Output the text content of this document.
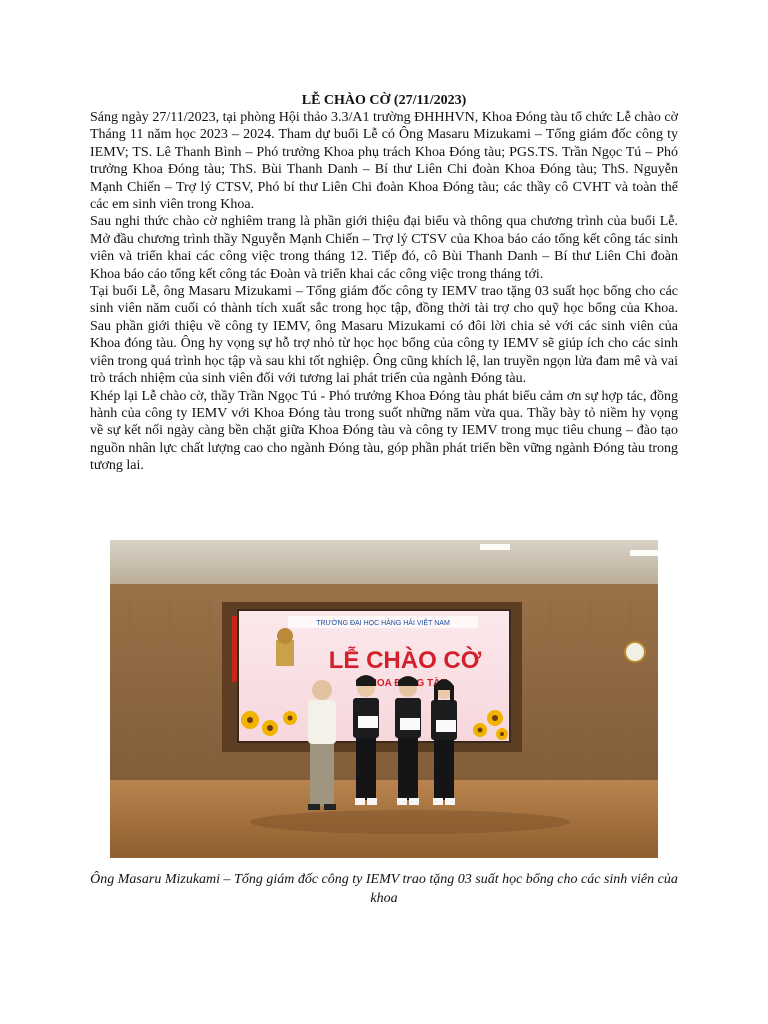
LỄ CHÀO CỜ (27/11/2023)

Sáng ngày 27/11/2023, tại phòng Hội thảo 3.3/A1 trường ĐHHHVN, Khoa Đóng tàu tổ chức Lễ chào cờ Tháng 11 năm học 2023 – 2024. Tham dự buổi Lễ có Ông Masaru Mizukami – Tổng giám đốc công ty IEMV; TS. Lê Thanh Bình – Phó trưởng Khoa phụ trách Khoa Đóng tàu; PGS.TS. Trần Ngọc Tú – Phó trưởng Khoa Đóng tàu; ThS. Bùi Thanh Danh – Bí thư Liên Chi đoàn Khoa Đóng tàu; ThS. Nguyễn Mạnh Chiến – Trợ lý CTSV, Phó bí thư Liên Chi đoàn Khoa Đóng tàu; các thầy cô CVHT và toàn thể các em sinh viên trong Khoa.

Sau nghi thức chào cờ nghiêm trang là phần giới thiệu đại biểu và thông qua chương trình của buổi Lễ. Mở đầu chương trình thầy Nguyễn Mạnh Chiến – Trợ lý CTSV của Khoa báo cáo tổng kết công tác sinh viên và triển khai các công việc trong tháng 12. Tiếp đó, cô Bùi Thanh Danh – Bí thư Liên Chi đoàn Khoa báo cáo tổng kết công tác Đoàn và triển khai các công việc trong tháng tới.

Tại buổi Lễ, ông Masaru Mizukami – Tổng giám đốc công ty IEMV trao tặng 03 suất học bổng cho các sinh viên năm cuối có thành tích xuất sắc trong học tập, đồng thời tài trợ cho quỹ học bổng của Khoa. Sau phần giới thiệu về công ty IEMV, ông Masaru Mizukami có đôi lời chia sẻ với các sinh viên của Khoa đóng tàu. Ông hy vọng sự hỗ trợ nhỏ từ học học bổng của công ty IEMV sẽ giúp ích cho các sinh viên trong quá trình học tập và sau khi tốt nghiệp. Ông cũng khích lệ, lan truyền ngọn lửa đam mê và vai trò trách nhiệm của sinh viên đối với tương lai phát triển của ngành Đóng tàu.

Khép lại Lễ chào cờ, thầy Trần Ngọc Tú - Phó trưởng Khoa Đóng tàu phát biểu cảm ơn sự hợp tác, đồng hành của công ty IEMV với Khoa Đóng tàu trong suốt những năm vừa qua. Thầy bày tỏ niềm hy vọng về sự kết nối ngày càng bền chặt giữa Khoa Đóng tàu và công ty IEMV trong mục tiêu chung – đào tạo nguồn nhân lực chất lượng cao cho ngành Đóng tàu, góp phần phát triển bền vững ngành Đóng tàu trong tương lai.

TRƯỜNG ĐẠI HỌC HÀNG HẢI VIỆT NAM
LỄ CHÀO CỜ
KHOA

Ông Masaru Mizukami – Tổng giám đốc công ty IEMV trao tặng 03 suất học bổng cho các sinh viên của khoa
